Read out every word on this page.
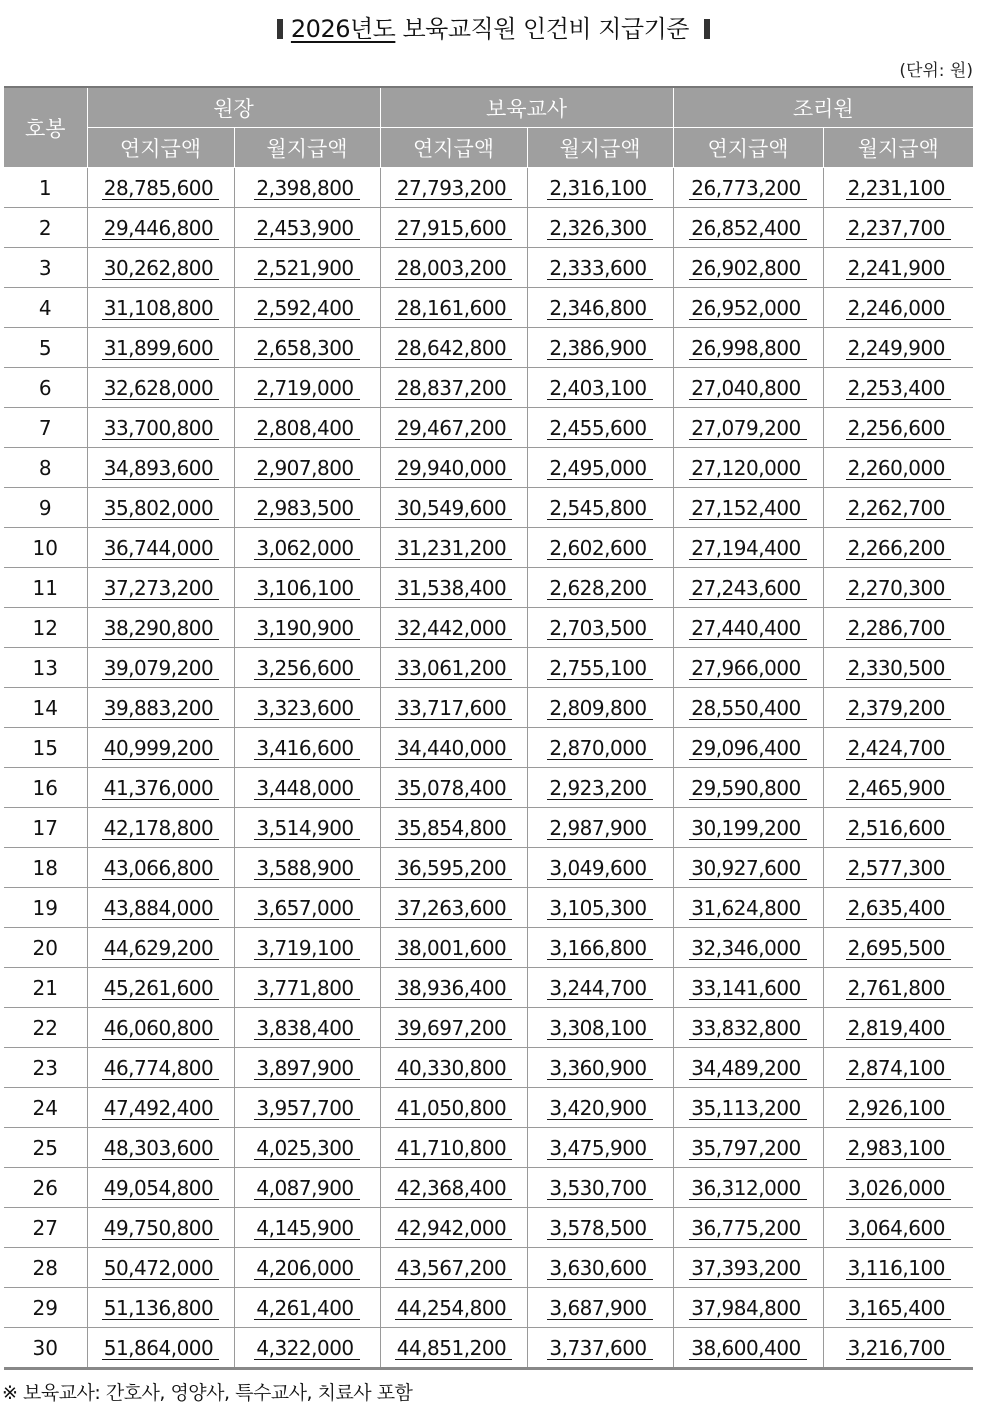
2026년도 보육교직원 인건비 지급기준
(단위: 원)
호봉	원장		보육교사		조리원	
	연지급액	월지급액	연지급액	월지급액	연지급액	월지급액
1	28,785,600	2,398,800	27,793,200	2,316,100	26,773,200	2,231,100
2	29,446,800	2,453,900	27,915,600	2,326,300	26,852,400	2,237,700
3	30,262,800	2,521,900	28,003,200	2,333,600	26,902,800	2,241,900
4	31,108,800	2,592,400	28,161,600	2,346,800	26,952,000	2,246,000
5	31,899,600	2,658,300	28,642,800	2,386,900	26,998,800	2,249,900
6	32,628,000	2,719,000	28,837,200	2,403,100	27,040,800	2,253,400
7	33,700,800	2,808,400	29,467,200	2,455,600	27,079,200	2,256,600
8	34,893,600	2,907,800	29,940,000	2,495,000	27,120,000	2,260,000
9	35,802,000	2,983,500	30,549,600	2,545,800	27,152,400	2,262,700
10	36,744,000	3,062,000	31,231,200	2,602,600	27,194,400	2,266,200
11	37,273,200	3,106,100	31,538,400	2,628,200	27,243,600	2,270,300
12	38,290,800	3,190,900	32,442,000	2,703,500	27,440,400	2,286,700
13	39,079,200	3,256,600	33,061,200	2,755,100	27,966,000	2,330,500
14	39,883,200	3,323,600	33,717,600	2,809,800	28,550,400	2,379,200
15	40,999,200	3,416,600	34,440,000	2,870,000	29,096,400	2,424,700
16	41,376,000	3,448,000	35,078,400	2,923,200	29,590,800	2,465,900
17	42,178,800	3,514,900	35,854,800	2,987,900	30,199,200	2,516,600
18	43,066,800	3,588,900	36,595,200	3,049,600	30,927,600	2,577,300
19	43,884,000	3,657,000	37,263,600	3,105,300	31,624,800	2,635,400
20	44,629,200	3,719,100	38,001,600	3,166,800	32,346,000	2,695,500
21	45,261,600	3,771,800	38,936,400	3,244,700	33,141,600	2,761,800
22	46,060,800	3,838,400	39,697,200	3,308,100	33,832,800	2,819,400
23	46,774,800	3,897,900	40,330,800	3,360,900	34,489,200	2,874,100
24	47,492,400	3,957,700	41,050,800	3,420,900	35,113,200	2,926,100
25	48,303,600	4,025,300	41,710,800	3,475,900	35,797,200	2,983,100
26	49,054,800	4,087,900	42,368,400	3,530,700	36,312,000	3,026,000
27	49,750,800	4,145,900	42,942,000	3,578,500	36,775,200	3,064,600
28	50,472,000	4,206,000	43,567,200	3,630,600	37,393,200	3,116,100
29	51,136,800	4,261,400	44,254,800	3,687,900	37,984,800	3,165,400
30	51,864,000	4,322,000	44,851,200	3,737,600	38,600,400	3,216,700
※ 보육교사: 간호사, 영양사, 특수교사, 치료사 포함
